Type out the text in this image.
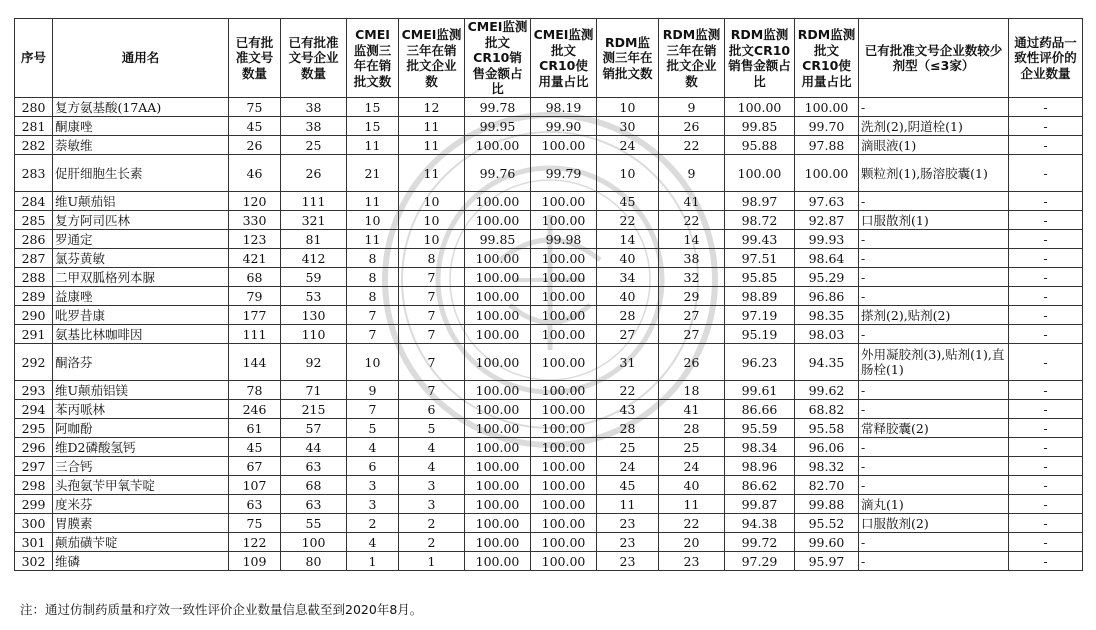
序号	通用名	已有批准文号数量	已有批准文号企业数量	CMEI监测三年在销批文数	CMEI监测三年在销批文企业数	CMEI监测批文CR10销售金额占比	CMEI监测批文CR10使用量占比	RDM监测三年在销批文数	RDM监测三年在销批文企业数	RDM监测批文CR10销售金额占比	RDM监测批文CR10使用量占比	已有批准文号企业数较少剂型（≤3家）	通过药品一致性评价的企业数量
280	复方氨基酸(17AA)	75	38	15	12	99.78	98.19	10	9	100.00	100.00	-	-
281	酮康唑	45	38	15	11	99.95	99.90	30	26	99.85	99.70	洗剂(2),阴道栓(1)	-
282	萘敏维	26	25	11	11	100.00	100.00	24	22	95.88	97.88	滴眼液(1)	-
283	促肝细胞生长素	46	26	21	11	99.76	99.79	10	9	100.00	100.00	颗粒剂(1),肠溶胶囊(1)	-
284	维U颠茄铝	120	111	11	10	100.00	100.00	45	41	98.97	97.63	-	-
285	复方阿司匹林	330	321	10	10	100.00	100.00	22	22	98.72	92.87	口服散剂(1)	-
286	罗通定	123	81	11	10	99.85	99.98	14	14	99.43	99.93	-	-
287	氯芬黄敏	421	412	8	8	100.00	100.00	40	38	97.51	98.64	-	-
288	二甲双胍格列本脲	68	59	8	7	100.00	100.00	34	32	95.85	95.29	-	-
289	益康唑	79	53	8	7	100.00	100.00	40	29	98.89	96.86	-	-
290	吡罗昔康	177	130	7	7	100.00	100.00	28	27	97.19	98.35	搽剂(2),贴剂(2)	-
291	氨基比林咖啡因	111	110	7	7	100.00	100.00	27	27	95.19	98.03	-	-
292	酮洛芬	144	92	10	7	100.00	100.00	31	26	96.23	94.35	外用凝胶剂(3),贴剂(1),直肠栓(1)	-
293	维U颠茄铝镁	78	71	9	7	100.00	100.00	22	18	99.61	99.62	-	-
294	苯丙哌林	246	215	7	6	100.00	100.00	43	41	86.66	68.82	-	-
295	阿咖酚	61	57	5	5	100.00	100.00	28	28	95.59	95.58	常释胶囊(2)	-
296	维D2磷酸氢钙	45	44	4	4	100.00	100.00	25	25	98.34	96.06	-	-
297	三合钙	67	63	6	4	100.00	100.00	24	24	98.96	98.32	-	-
298	头孢氨苄甲氧苄啶	107	68	3	3	100.00	100.00	45	40	86.62	82.70	-	-
299	度米芬	63	63	3	3	100.00	100.00	11	11	99.87	99.88	滴丸(1)	-
300	胃膜素	75	55	2	2	100.00	100.00	23	22	94.38	95.52	口服散剂(2)	-
301	颠茄磺苄啶	122	100	4	2	100.00	100.00	23	20	99.72	99.60	-	-
302	维磷	109	80	1	1	100.00	100.00	23	23	97.29	95.97	-	-
注：通过仿制药质量和疗效一致性评价企业数量信息截至到2020年8月。
